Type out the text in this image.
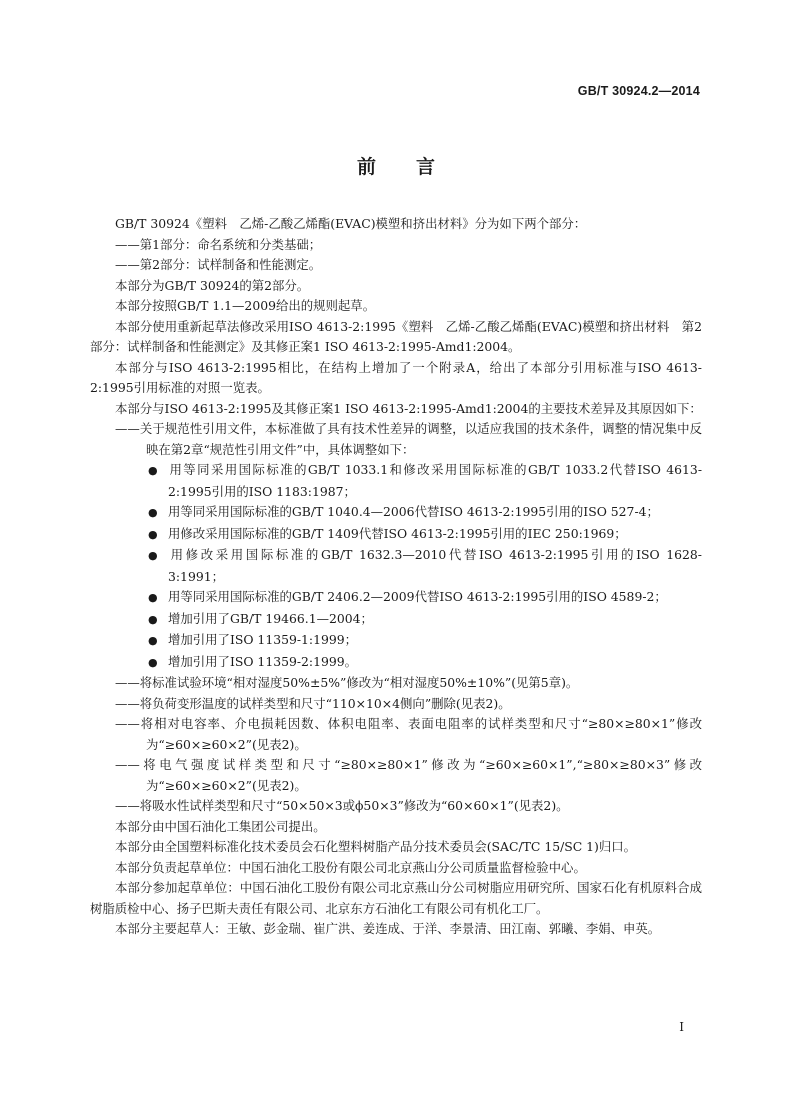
GB/T 30924.2—2014
前言

GB/T 30924《塑料　乙烯-乙酸乙烯酯(EVAC)模塑和挤出材料》分为如下两个部分：

——第1部分：命名系统和分类基础；

——第2部分：试样制备和性能测定。

本部分为GB/T 30924的第2部分。

本部分按照GB/T 1.1—2009给出的规则起草。

本部分使用重新起草法修改采用ISO 4613-2:1995《塑料　乙烯-乙酸乙烯酯(EVAC)模塑和挤出材料　第2部分：试样制备和性能测定》及其修正案1 ISO 4613-2:1995-Amd1:2004。

本部分与ISO 4613-2:1995相比，在结构上增加了一个附录A，给出了本部分引用标准与ISO 4613-2:1995引用标准的对照一览表。

本部分与ISO 4613-2:1995及其修正案1 ISO 4613-2:1995-Amd1:2004的主要技术差异及其原因如下：

——关于规范性引用文件，本标准做了具有技术性差异的调整，以适应我国的技术条件，调整的情况集中反映在第2章“规范性引用文件”中，具体调整如下：

● 用等同采用国际标准的GB/T 1033.1和修改采用国际标准的GB/T 1033.2代替ISO 4613-2:1995引用的ISO 1183:1987；

● 用等同采用国际标准的GB/T 1040.4—2006代替ISO 4613-2:1995引用的ISO 527-4；

● 用修改采用国际标准的GB/T 1409代替ISO 4613-2:1995引用的IEC 250:1969；

● 用修改采用国际标准的GB/T 1632.3—2010代替ISO 4613-2:1995引用的ISO 1628-3:1991；

● 用等同采用国际标准的GB/T 2406.2—2009代替ISO 4613-2:1995引用的ISO 4589-2；

● 增加引用了GB/T 19466.1—2004；

● 增加引用了ISO 11359-1:1999；

● 增加引用了ISO 11359-2:1999。

——将标准试验环境“相对湿度50%±5%”修改为“相对湿度50%±10%”(见第5章)。

——将负荷变形温度的试样类型和尺寸“110×10×4侧向”删除(见表2)。

——将相对电容率、介电损耗因数、体积电阻率、表面电阻率的试样类型和尺寸“≥80×≥80×1”修改为“≥60×≥60×2”(见表2)。

——将电气强度试样类型和尺寸“≥80×≥80×1”修改为“≥60×≥60×1”,“≥80×≥80×3”修改为“≥60×≥60×2”(见表2)。

——将吸水性试样类型和尺寸“50×50×3或ϕ50×3”修改为“60×60×1”(见表2)。

本部分由中国石油化工集团公司提出。

本部分由全国塑料标准化技术委员会石化塑料树脂产品分技术委员会(SAC/TC 15/SC 1)归口。

本部分负责起草单位：中国石油化工股份有限公司北京燕山分公司质量监督检验中心。

本部分参加起草单位：中国石油化工股份有限公司北京燕山分公司树脂应用研究所、国家石化有机原料合成树脂质检中心、扬子巴斯夫责任有限公司、北京东方石油化工有限公司有机化工厂。

本部分主要起草人：王敏、彭金瑞、崔广洪、姜连成、于洋、李景清、田江南、郭曦、李娟、申英。

I
